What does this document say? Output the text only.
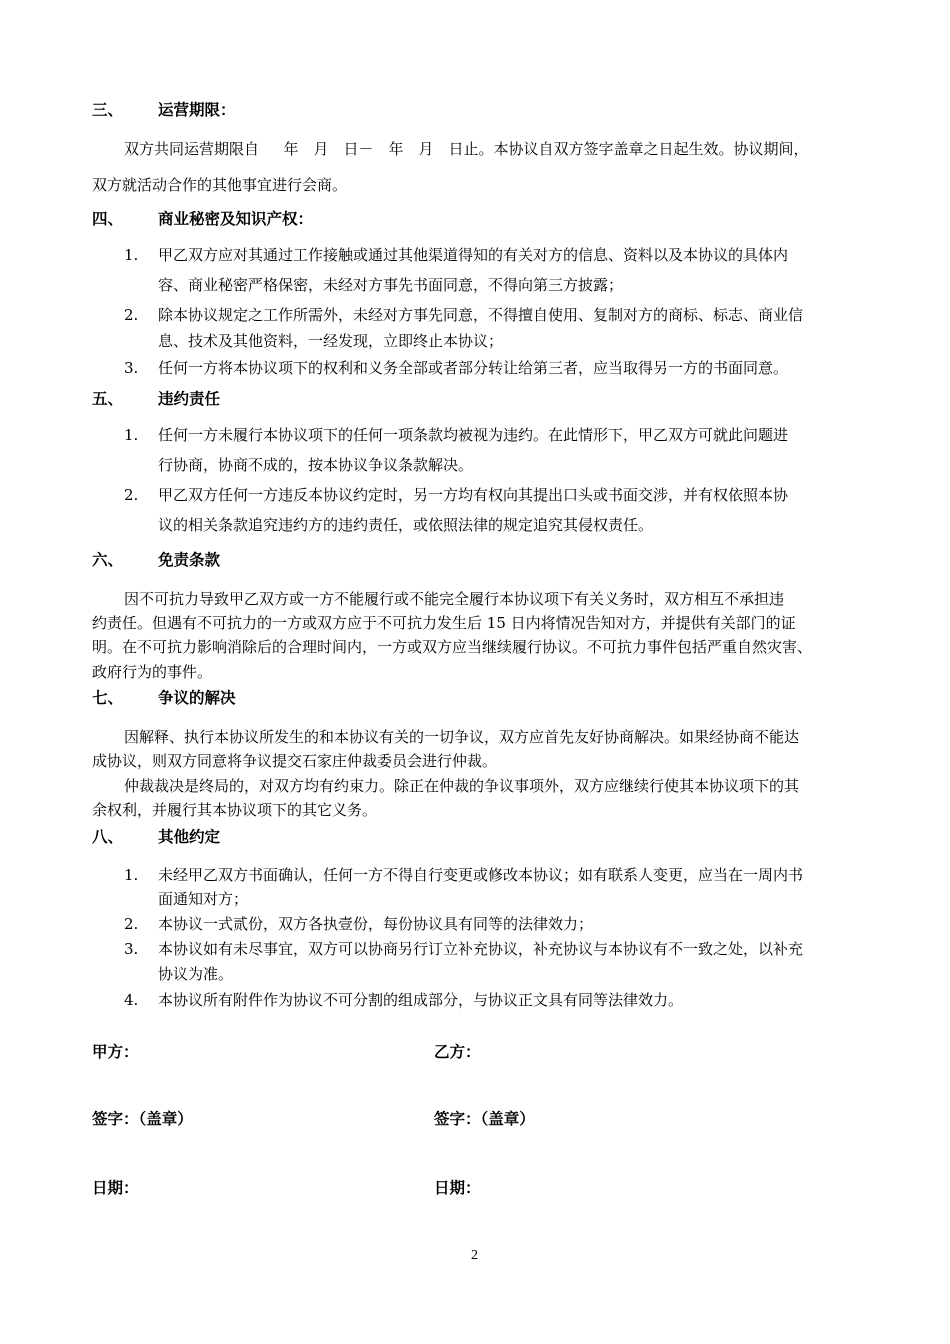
三、 运营期限：
双方共同运营期限自 　 年　月　日－　年　月　日止。本协议自双方签字盖章之日起生效。协议期间，
双方就活动合作的其他事宜进行会商。
四、 商业秘密及知识产权：
1. 甲乙双方应对其通过工作接触或通过其他渠道得知的有关对方的信息、资料以及本协议的具体内
容、商业秘密严格保密，未经对方事先书面同意，不得向第三方披露；
2. 除本协议规定之工作所需外，未经对方事先同意，不得擅自使用、复制对方的商标、标志、商业信
息、技术及其他资料，一经发现，立即终止本协议；
3. 任何一方将本协议项下的权利和义务全部或者部分转让给第三者，应当取得另一方的书面同意。
五、 违约责任
1. 任何一方未履行本协议项下的任何一项条款均被视为违约。在此情形下，甲乙双方可就此问题进
行协商，协商不成的，按本协议争议条款解决。
2. 甲乙双方任何一方违反本协议约定时，另一方均有权向其提出口头或书面交涉，并有权依照本协
议的相关条款追究违约方的违约责任，或依照法律的规定追究其侵权责任。
六、 免责条款
因不可抗力导致甲乙双方或一方不能履行或不能完全履行本协议项下有关义务时，双方相互不承担违
约责任。但遇有不可抗力的一方或双方应于不可抗力发生后 15 日内将情况告知对方，并提供有关部门的证
明。在不可抗力影响消除后的合理时间内，一方或双方应当继续履行协议。不可抗力事件包括严重自然灾害、
政府行为的事件。
七、 争议的解决
因解释、执行本协议所发生的和本协议有关的一切争议，双方应首先友好协商解决。如果经协商不能达
成协议，则双方同意将争议提交石家庄仲裁委员会进行仲裁。
仲裁裁决是终局的，对双方均有约束力。除正在仲裁的争议事项外，双方应继续行使其本协议项下的其
余权利，并履行其本协议项下的其它义务。
八、 其他约定
1. 未经甲乙双方书面确认，任何一方不得自行变更或修改本协议；如有联系人变更，应当在一周内书
面通知对方；
2. 本协议一式贰份，双方各执壹份，每份协议具有同等的法律效力；
3. 本协议如有未尽事宜，双方可以协商另行订立补充协议，补充协议与本协议有不一致之处，以补充
协议为准。
4. 本协议所有附件作为协议不可分割的组成部分，与协议正文具有同等法律效力。
甲方：	乙方：
签字：（盖章）	签字：（盖章）
日期：	日期：
2
